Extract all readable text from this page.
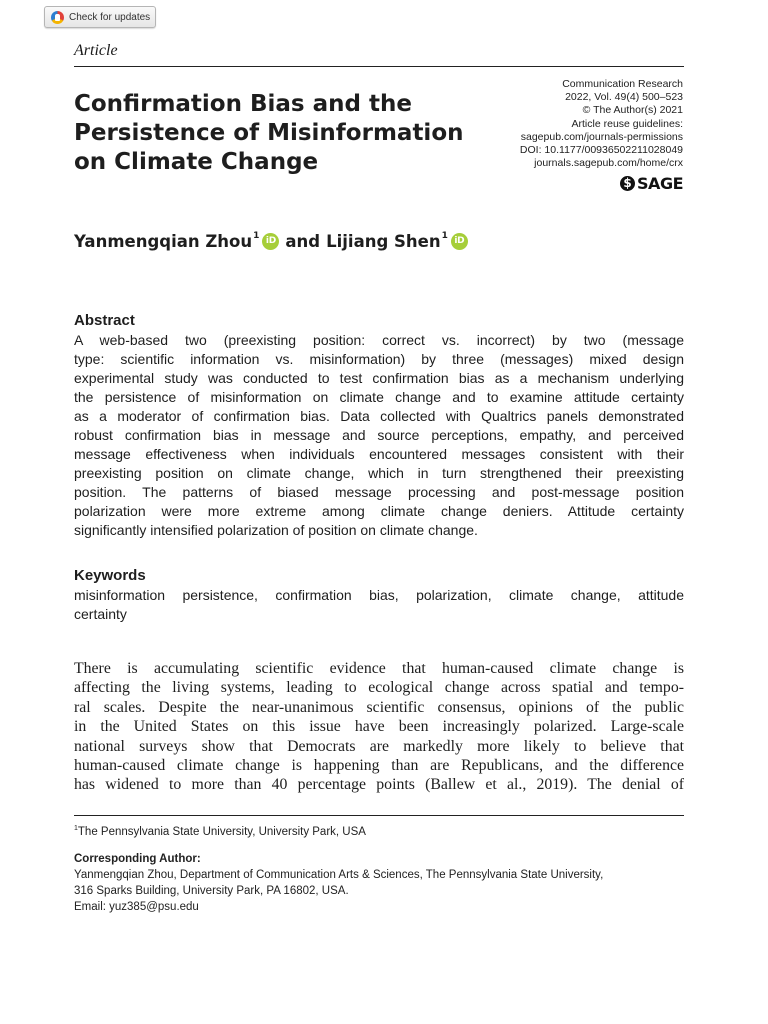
Check for updates
Article
Confirmation Bias and the
Persistence of Misinformation
on Climate Change
Communication Research
2022, Vol. 49(4) 500–523
© The Author(s) 2021
Article reuse guidelines:
sagepub.com/journals-permissions
DOI: 10.1177/00936502211028049
journals.sagepub.com/home/crx
$ SAGE
Yanmengqian Zhou$^1$
iD and Lijiang Shen$^1$
iD
Abstract
A web-based two (preexisting position: correct vs. incorrect) by two (message
type: scientific information vs. misinformation) by three (messages) mixed design
experimental study was conducted to test confirmation bias as a mechanism underlying
the persistence of misinformation on climate change and to examine attitude certainty
as a moderator of confirmation bias. Data collected with Qualtrics panels demonstrated
robust confirmation bias in message and source perceptions, empathy, and perceived
message effectiveness when individuals encountered messages consistent with their
preexisting position on climate change, which in turn strengthened their preexisting
position. The patterns of biased message processing and post-message position
polarization were more extreme among climate change deniers. Attitude certainty
significantly intensified polarization of position on climate change.
Keywords
misinformation persistence, confirmation bias, polarization, climate change, attitude
certainty
There is accumulating scientific evidence that human-caused climate change is
affecting the living systems, leading to ecological change across spatial and tempo-
ral scales. Despite the near-unanimous scientific consensus, opinions of the public
in the United States on this issue have been increasingly polarized. Large-scale
national surveys show that Democrats are markedly more likely to believe that
human-caused climate change is happening than are Republicans, and the difference
has widened to more than 40 percentage points (Ballew et al., 2019). The denial of
$^1$The Pennsylvania State University, University Park, USA
Corresponding Author:
Yanmengqian Zhou, Department of Communication Arts & Sciences, The Pennsylvania State University,
316 Sparks Building, University Park, PA 16802, USA.
Email: yuz385@psu.edu
